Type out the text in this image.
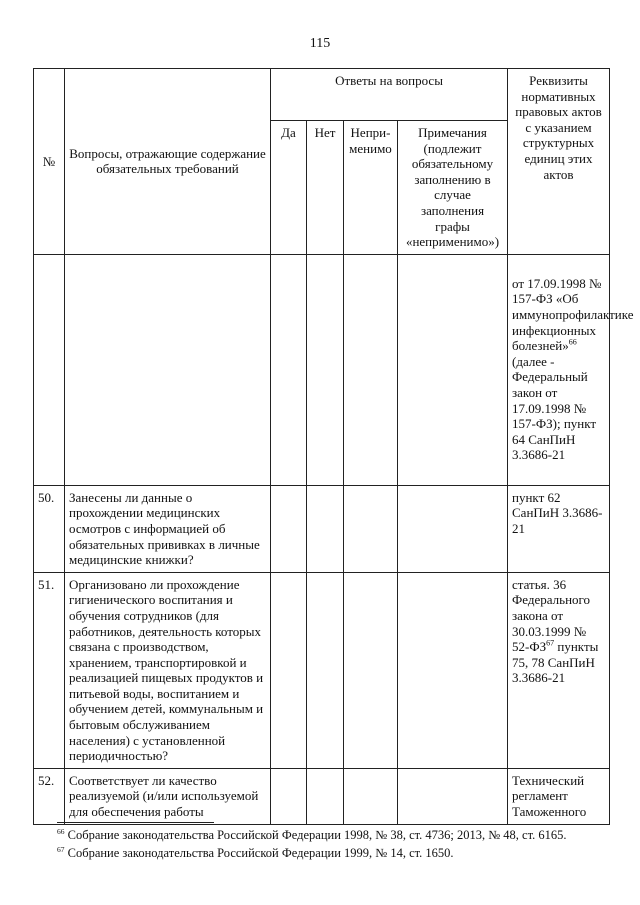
115
№	Вопросы, отражающие содержание обязательных требований	Ответы на вопросы				Реквизиты нормативных правовых актов с указанием структурных единиц этих актов
		Да	Нет	Непри-менимо	Примечания (подлежит обязательному заполнению в случае заполнения графы «неприменимо»)	
						от 17.09.1998 № 157-ФЗ «Об иммунопрофилактике инфекционных болезней»$^{66}$ (далее - Федеральный закон от 17.09.1998 № 157-ФЗ); пункт 64 СанПиН 3.3686-21
50.	Занесены ли данные о прохождении медицинских осмотров с информацией об обязательных прививках в личные медицинские книжки?					пункт 62 СанПиН 3.3686-21
51.	Организовано ли прохождение гигиенического воспитания и обучения сотрудников (для работников, деятельность которых связана с производством, хранением, транспортировкой и реализацией пищевых продуктов и питьевой воды, воспитанием и обучением детей, коммунальным и бытовым обслуживанием населения) с установленной периодичностью?					статья. 36 Федерального закона от 30.03.1999 № 52-ФЗ$^{67}$ пункты 75, 78 СанПиН 3.3686-21
52.	Соответствует ли качество реализуемой (и/или используемой для обеспечения работы					Технический регламент Таможенного
$^{66}$ Собрание законодательства Российской Федерации 1998, № 38, ст. 4736; 2013, № 48, ст. 6165.
$^{67}$ Собрание законодательства Российской Федерации 1999, № 14, ст. 1650.
